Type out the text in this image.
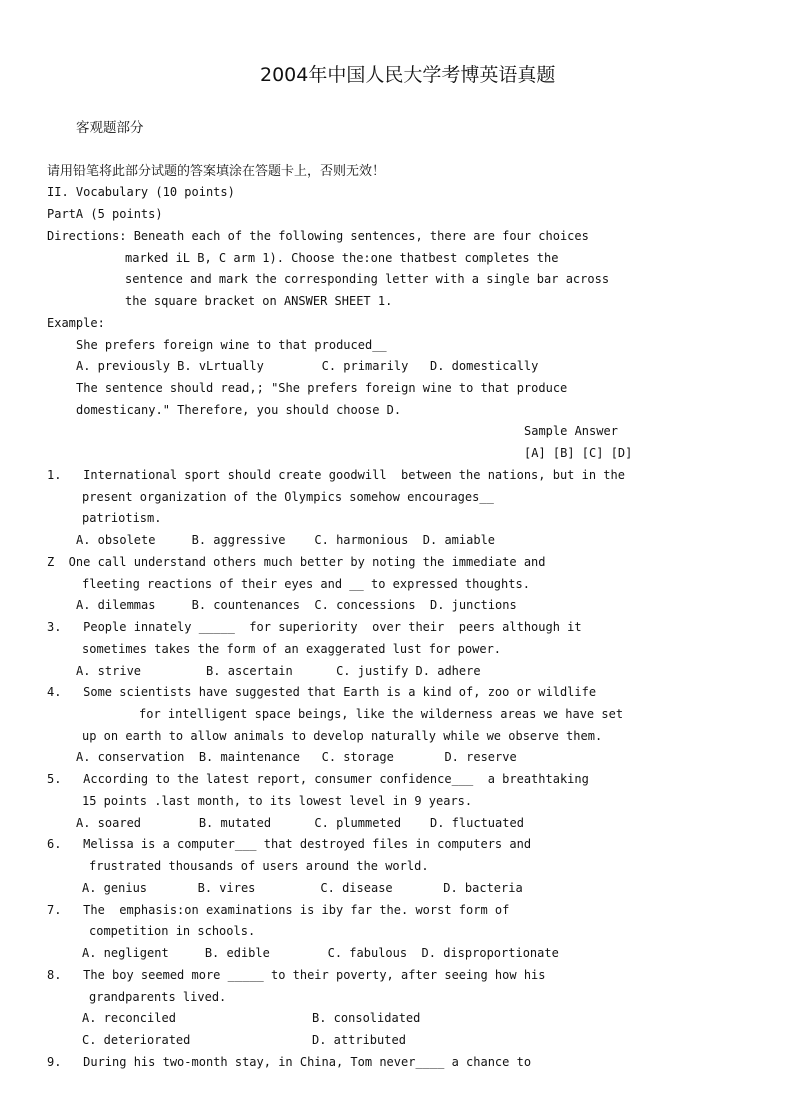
2004年中国人民大学考博英语真题
客观题部分
请用铅笔将此部分试题的答案填涂在答题卡上，否则无效！
II. Vocabulary (10 points)
PartA (5 points)
Directions: Beneath each of the following sentences, there are four choices
marked iL B, C arm 1). Choose the:one thatbest completes the
sentence and mark the corresponding letter with a single bar across
the square bracket on ANSWER SHEET 1.
Example:
She prefers foreign wine to that produced__
A. previously B. vLrtually        C. primarily   D. domestically
The sentence should read,; "She prefers foreign wine to that produce
domesticany." Therefore, you should choose D.
Sample Answer
[A] [B] [C] [D]
1.   International sport should create goodwill  between the nations, but in the
present organization of the Olympics somehow encourages__
patriotism.
A. obsolete     B. aggressive    C. harmonious  D. amiable
Z  One call understand others much better by noting the immediate and
fleeting reactions of their eyes and __ to expressed thoughts.
A. dilemmas     B. countenances  C. concessions  D. junctions
3.   People innately _____  for superiority  over their  peers although it
sometimes takes the form of an exaggerated lust for power.
A. strive         B. ascertain      C. justify D. adhere
4.   Some scientists have suggested that Earth is a kind of, zoo or wildlife
for intelligent space beings, like the wilderness areas we have set
up on earth to allow animals to develop naturally while we observe them.
A. conservation  B. maintenance   C. storage       D. reserve
5.   According to the latest report, consumer confidence___  a breathtaking
15 points .last month, to its lowest level in 9 years.
A. soared        B. mutated      C. plummeted    D. fluctuated
6.   Melissa is a computer___ that destroyed files in computers and
frustrated thousands of users around the world.
A. genius       B. vires         C. disease       D. bacteria
7.   The  emphasis:on examinations is iby far the. worst form of
competition in schools.
A. negligent     B. edible        C. fabulous  D. disproportionate
8.   The boy seemed more _____ to their poverty, after seeing how his
grandparents lived.
A. reconciled	B. consolidated
C. deteriorated	D. attributed
9.   During his two-month stay, in China, Tom never____ a chance to
